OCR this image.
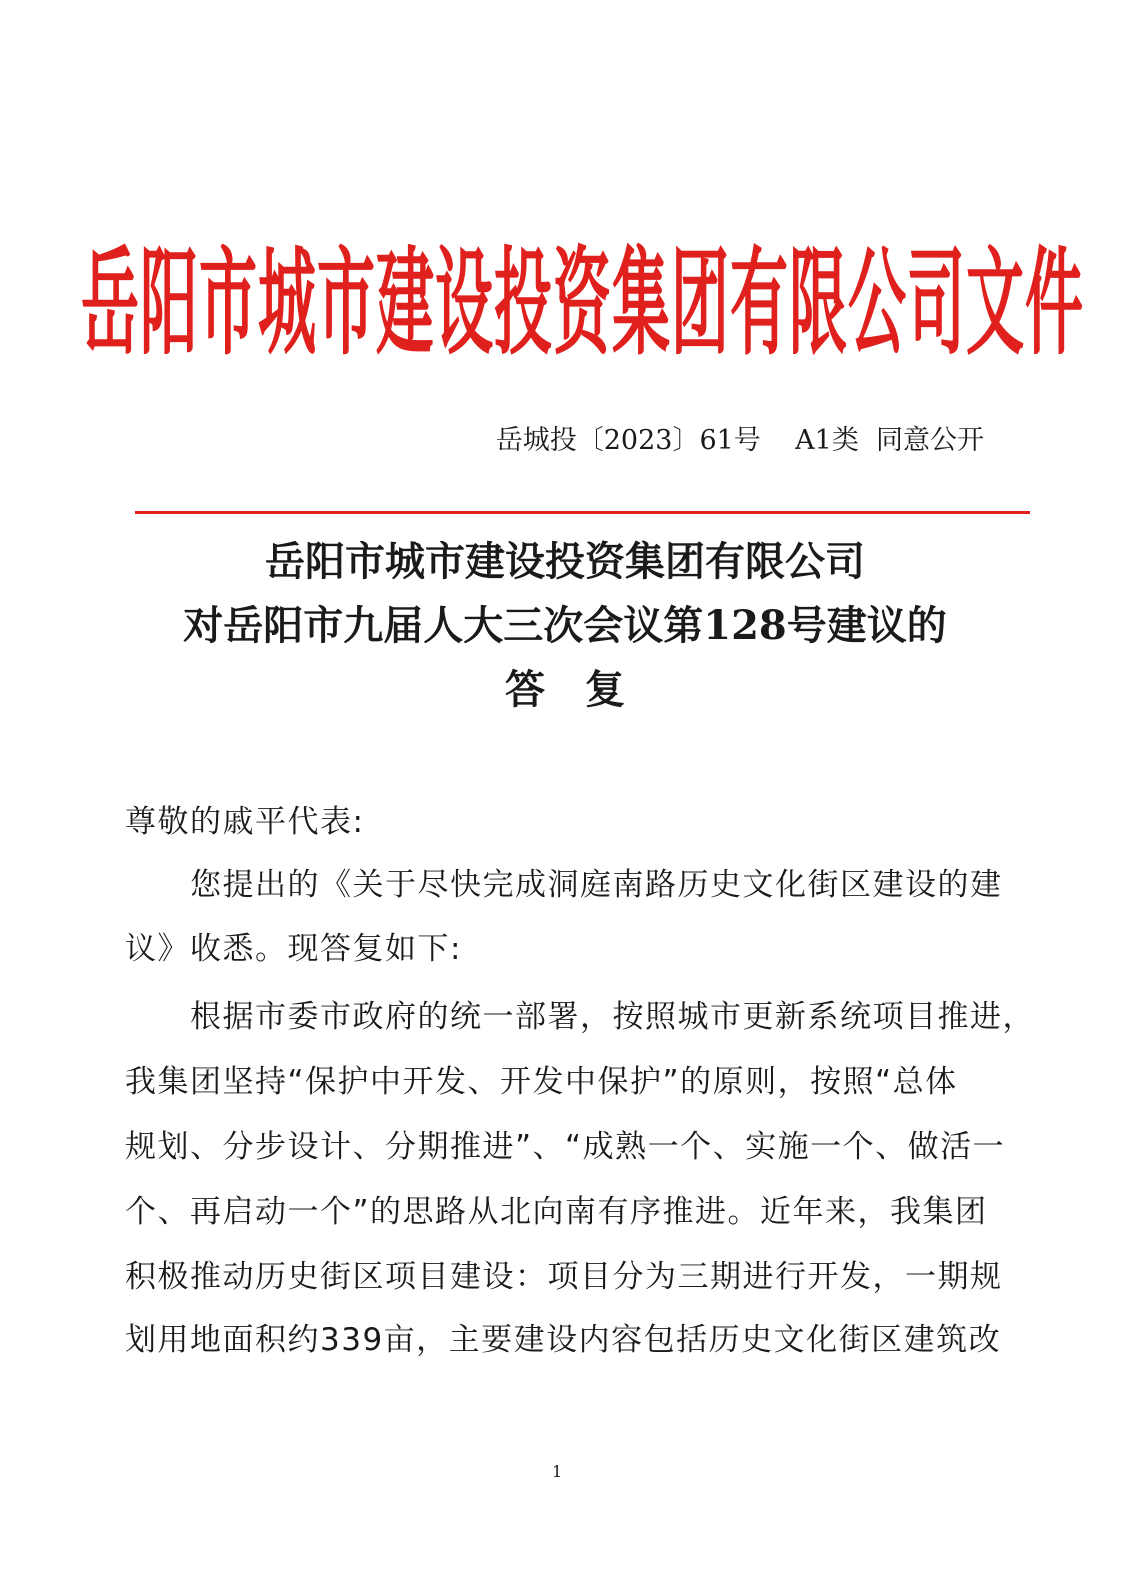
岳阳市城市建设投资集团有限公司文件
岳城投〔2023〕61号 A1类  同意公开
岳阳市城市建设投资集团有限公司
对岳阳市九届人大三次会议第128号建议的
答　复
尊敬的戚平代表:
您提出的《关于尽快完成洞庭南路历史文化街区建设的建
议》收悉。现答复如下:
根据市委市政府的统一部署，按照城市更新系统项目推进，
我集团坚持“保护中开发、开发中保护”的原则，按照“总体
规划、分步设计、分期推进”、“成熟一个、实施一个、做活一
个、再启动一个”的思路从北向南有序推进。近年来，我集团
积极推动历史街区项目建设：项目分为三期进行开发，一期规
划用地面积约339亩，主要建设内容包括历史文化街区建筑改
1
